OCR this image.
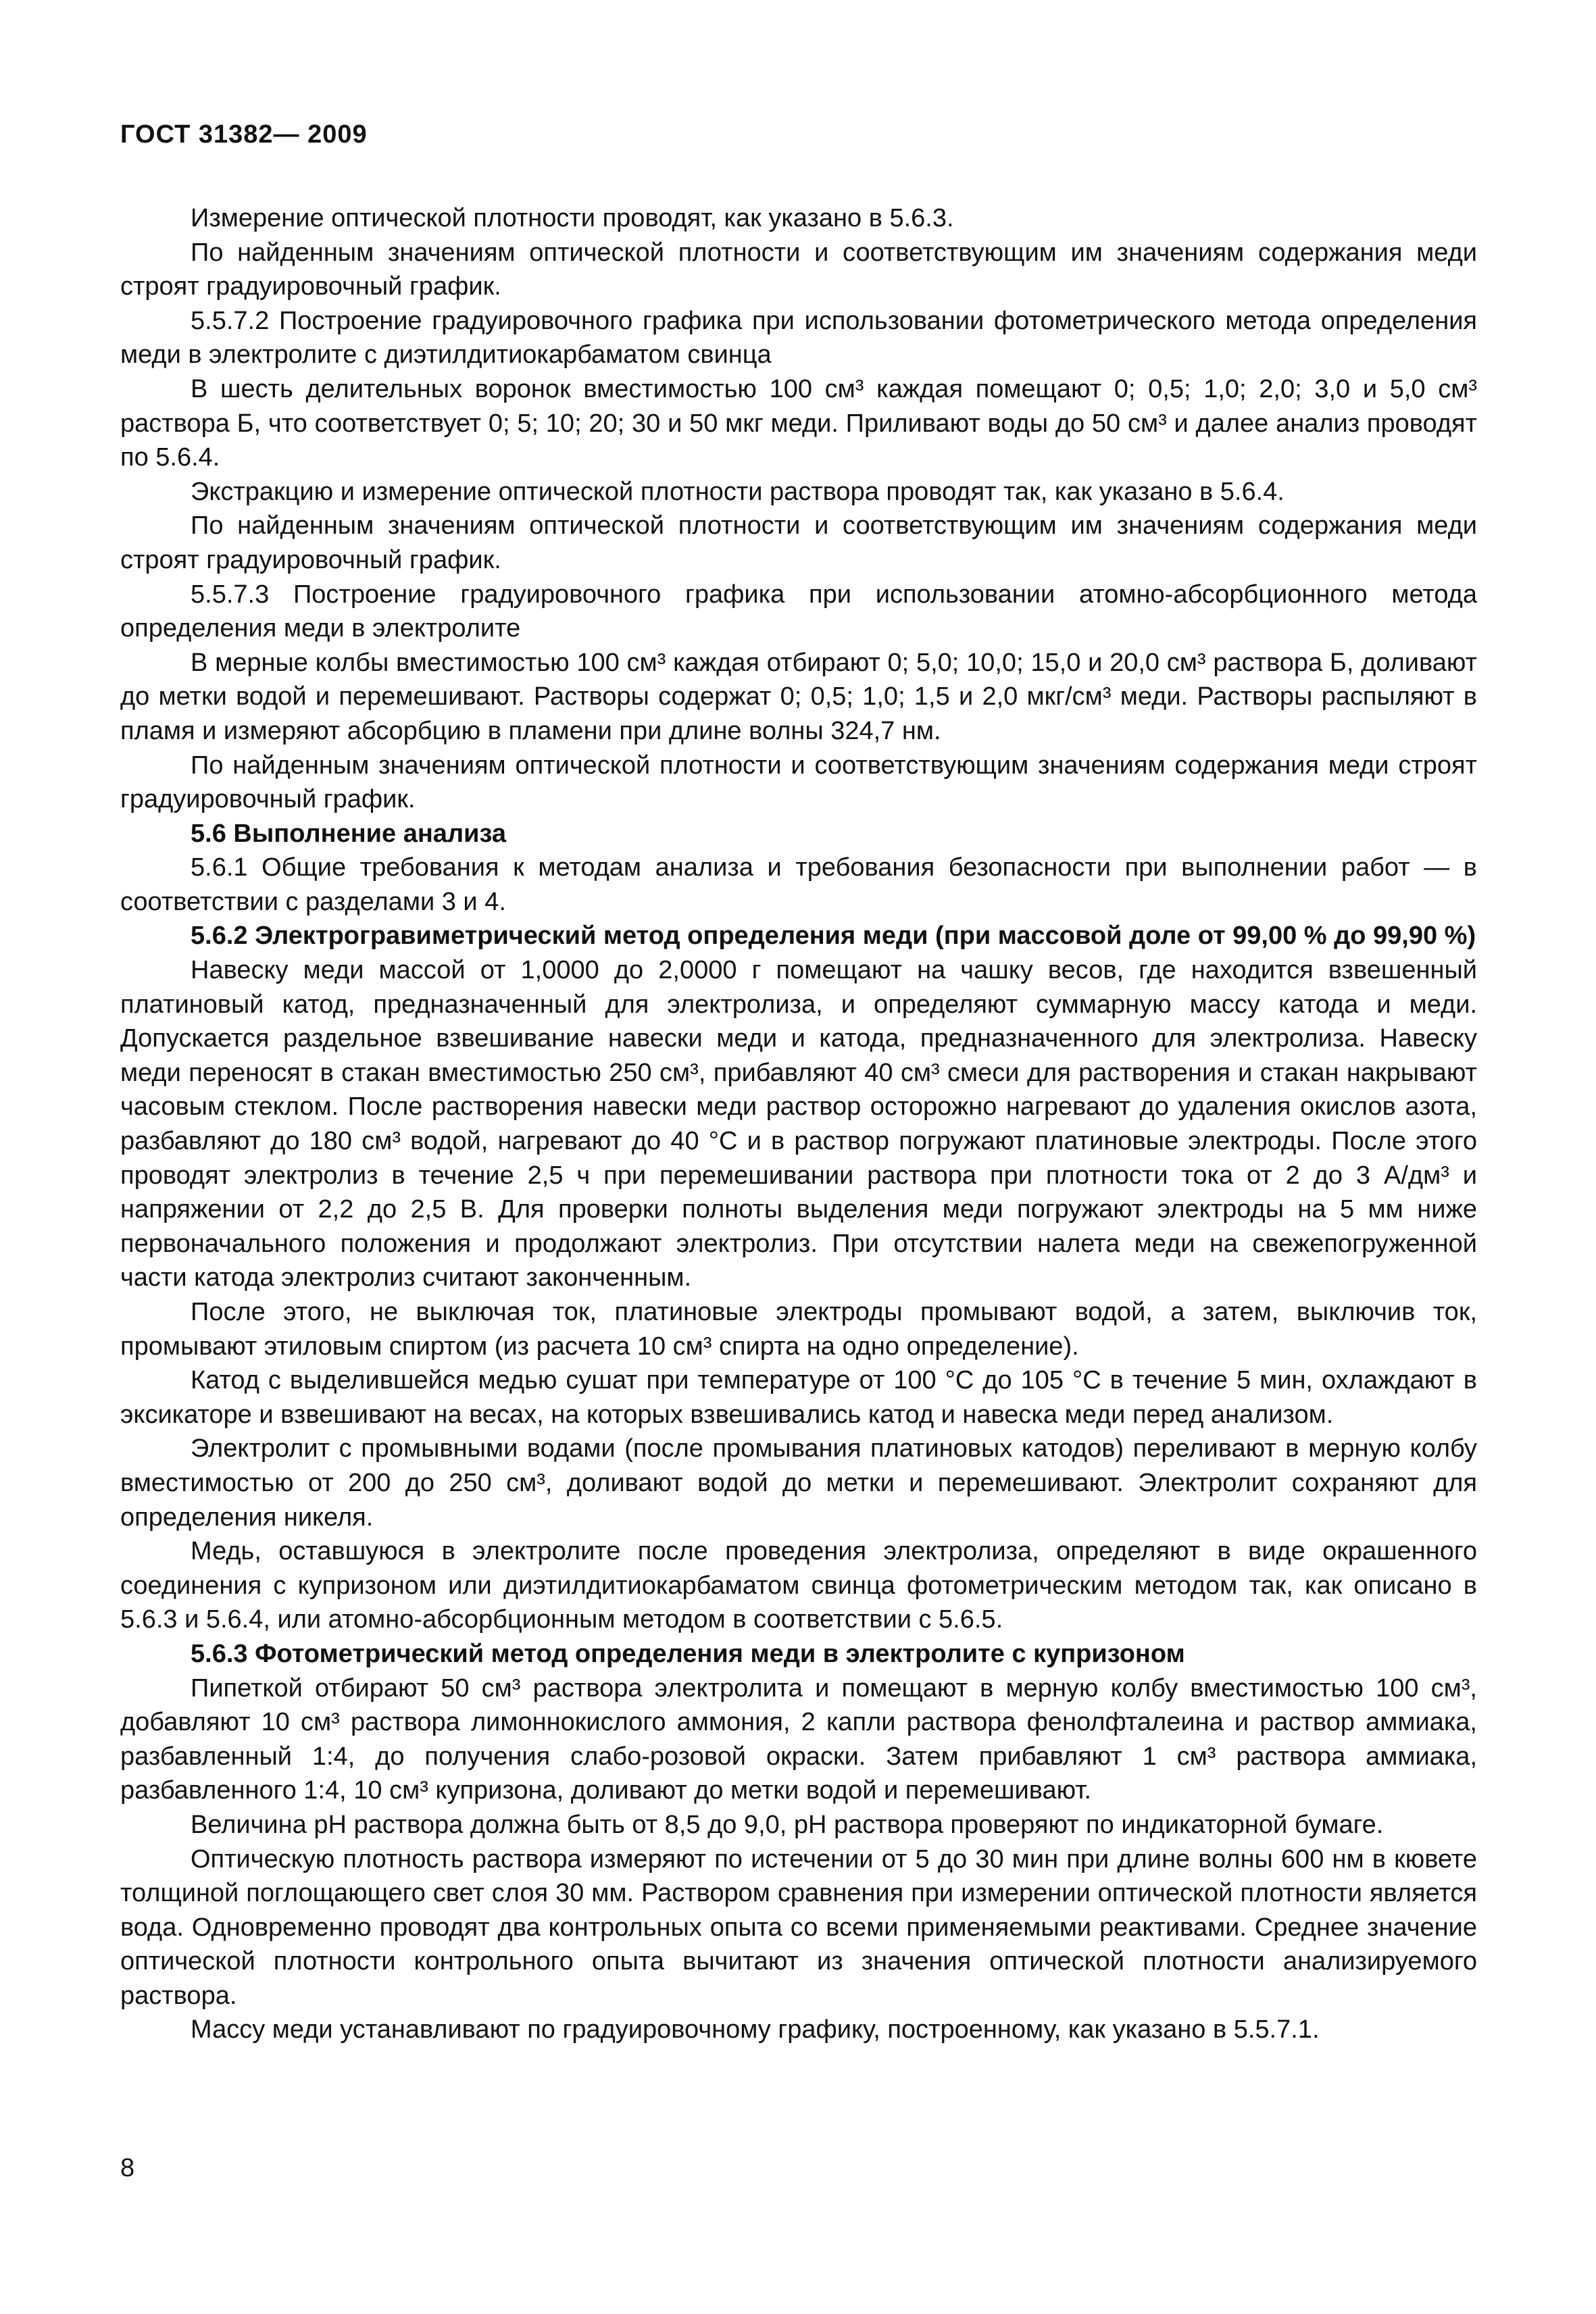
ГОСТ 31382— 2009

Измерение оптической плотности проводят, как указано в 5.6.3.

По найденным значениям оптической плотности и соответствующим им значениям содержания меди строят градуировочный график.

5.5.7.2 Построение градуировочного графика при использовании фотометрического метода определения меди в электролите с диэтилдитиокарбаматом свинца

В шесть делительных воронок вместимостью 100 см³ каждая помещают 0; 0,5; 1,0; 2,0; 3,0 и 5,0 см³ раствора Б, что соответствует 0; 5; 10; 20; 30 и 50 мкг меди. Приливают воды до 50 см³ и далее анализ проводят по 5.6.4.

Экстракцию и измерение оптической плотности раствора проводят так, как указано в 5.6.4.

По найденным значениям оптической плотности и соответствующим им значениям содержания меди строят градуировочный график.

5.5.7.3 Построение градуировочного графика при использовании атомно-абсорбционного метода определения меди в электролите

В мерные колбы вместимостью 100 см³ каждая отбирают 0; 5,0; 10,0; 15,0 и 20,0 см³ раствора Б, доливают до метки водой и перемешивают. Растворы содержат 0; 0,5; 1,0; 1,5 и 2,0 мкг/см³ меди. Растворы распыляют в пламя и измеряют абсорбцию в пламени при длине волны 324,7 нм.

По найденным значениям оптической плотности и соответствующим значениям содержания меди строят градуировочный график.

5.6 Выполнение анализа

5.6.1 Общие требования к методам анализа и требования безопасности при выполнении работ — в соответствии с разделами 3 и 4.

5.6.2 Электрогравиметрический метод определения меди (при массовой доле от 99,00 % до 99,90 %)

Навеску меди массой от 1,0000 до 2,0000 г помещают на чашку весов, где находится взвешенный платиновый катод, предназначенный для электролиза, и определяют суммарную массу катода и меди. Допускается раздельное взвешивание навески меди и катода, предназначенного для электролиза. Навеску меди переносят в стакан вместимостью 250 см³, прибавляют 40 см³ смеси для растворения и стакан накрывают часовым стеклом. После растворения навески меди раствор осторожно нагревают до удаления окислов азота, разбавляют до 180 см³ водой, нагревают до 40 °С и в раствор погружают платиновые электроды. После этого проводят электролиз в течение 2,5 ч при перемешивании раствора при плотности тока от 2 до 3 А/дм³ и напряжении от 2,2 до 2,5 В. Для проверки полноты выделения меди погружают электроды на 5 мм ниже первоначального положения и продолжают электролиз. При отсутствии налета меди на свежепогруженной части катода электролиз считают законченным.

После этого, не выключая ток, платиновые электроды промывают водой, а затем, выключив ток, промывают этиловым спиртом (из расчета 10 см³ спирта на одно определение).

Катод с выделившейся медью сушат при температуре от 100 °С до 105 °С в течение 5 мин, охлаждают в эксикаторе и взвешивают на весах, на которых взвешивались катод и навеска меди перед анализом.

Электролит с промывными водами (после промывания платиновых катодов) переливают в мерную колбу вместимостью от 200 до 250 см³, доливают водой до метки и перемешивают. Электролит сохраняют для определения никеля.

Медь, оставшуюся в электролите после проведения электролиза, определяют в виде окрашенного соединения с купризоном или диэтилдитиокарбаматом свинца фотометрическим методом так, как описано в 5.6.3 и 5.6.4, или атомно-абсорбционным методом в соответствии с 5.6.5.

5.6.3 Фотометрический метод определения меди в электролите с купризоном

Пипеткой отбирают 50 см³ раствора электролита и помещают в мерную колбу вместимостью 100 см³, добавляют 10 см³ раствора лимоннокислого аммония, 2 капли раствора фенолфталеина и раствор аммиака, разбавленный 1:4, до получения слабо-розовой окраски. Затем прибавляют 1 см³ раствора аммиака, разбавленного 1:4, 10 см³ купризона, доливают до метки водой и перемешивают.

Величина рН раствора должна быть от 8,5 до 9,0, рН раствора проверяют по индикаторной бумаге.

Оптическую плотность раствора измеряют по истечении от 5 до 30 мин при длине волны 600 нм в кювете толщиной поглощающего свет слоя 30 мм. Раствором сравнения при измерении оптической плотности является вода. Одновременно проводят два контрольных опыта со всеми применяемыми реактивами. Среднее значение оптической плотности контрольного опыта вычитают из значения оптической плотности анализируемого раствора.

Массу меди устанавливают по градуировочному графику, построенному, как указано в 5.5.7.1.

8
